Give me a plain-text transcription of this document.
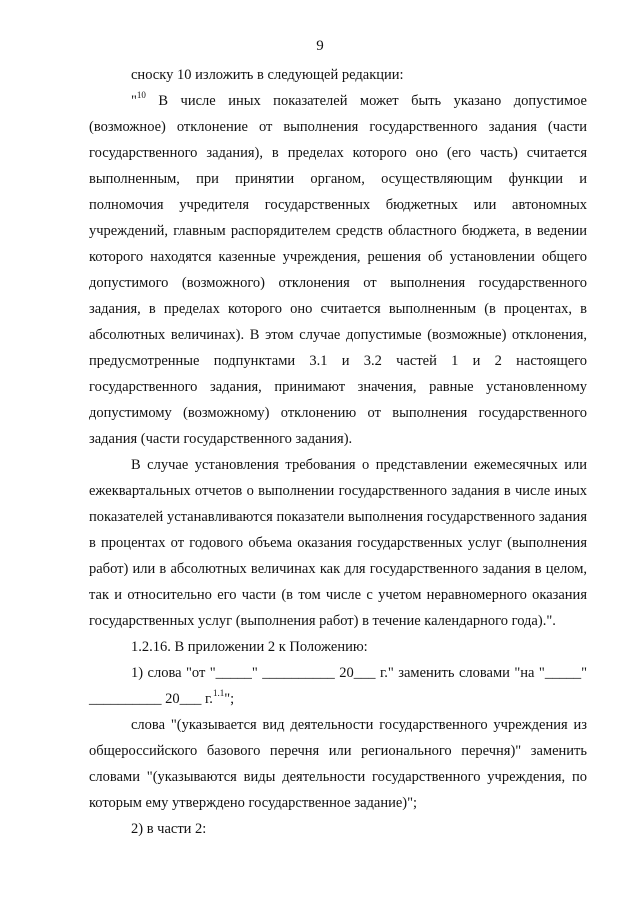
9

сноску 10 изложить в следующей редакции:

"$^{10}$ В числе иных показателей может быть указано допустимое (возможное) отклонение от выполнения государственного задания (части государственного задания), в пределах которого оно (его часть) считается выполненным, при принятии органом, осуществляющим функции и полномочия учредителя государственных бюджетных или автономных учреждений, главным распорядителем средств областного бюджета, в ведении которого находятся казенные учреждения, решения об установлении общего допустимого (возможного) отклонения от выполнения государственного задания, в пределах которого оно считается выполненным (в процентах, в абсолютных величинах). В этом случае допустимые (возможные) отклонения, предусмотренные подпунктами 3.1 и 3.2 частей 1 и 2 настоящего государственного задания, принимают значения, равные установленному допустимому (возможному) отклонению от выполнения государственного задания (части государственного задания).

В случае установления требования о представлении ежемесячных или ежеквартальных отчетов о выполнении государственного задания в числе иных показателей устанавливаются показатели выполнения государственного задания в процентах от годового объема оказания государственных услуг (выполнения работ) или в абсолютных величинах как для государственного задания в целом, так и относительно его части (в том числе с учетом неравномерного оказания государственных услуг (выполнения работ) в течение календарного года).".

1.2.16. В приложении 2 к Положению:

1) слова "от "_____" __________ 20___ г." заменить словами "на "_____" __________ 20___ г.$^{1.1}$";

слова "(указывается вид деятельности государственного учреждения из общероссийского базового перечня или регионального перечня)" заменить словами "(указываются виды деятельности государственного учреждения, по которым ему утверждено государственное задание)";

2) в части 2:
